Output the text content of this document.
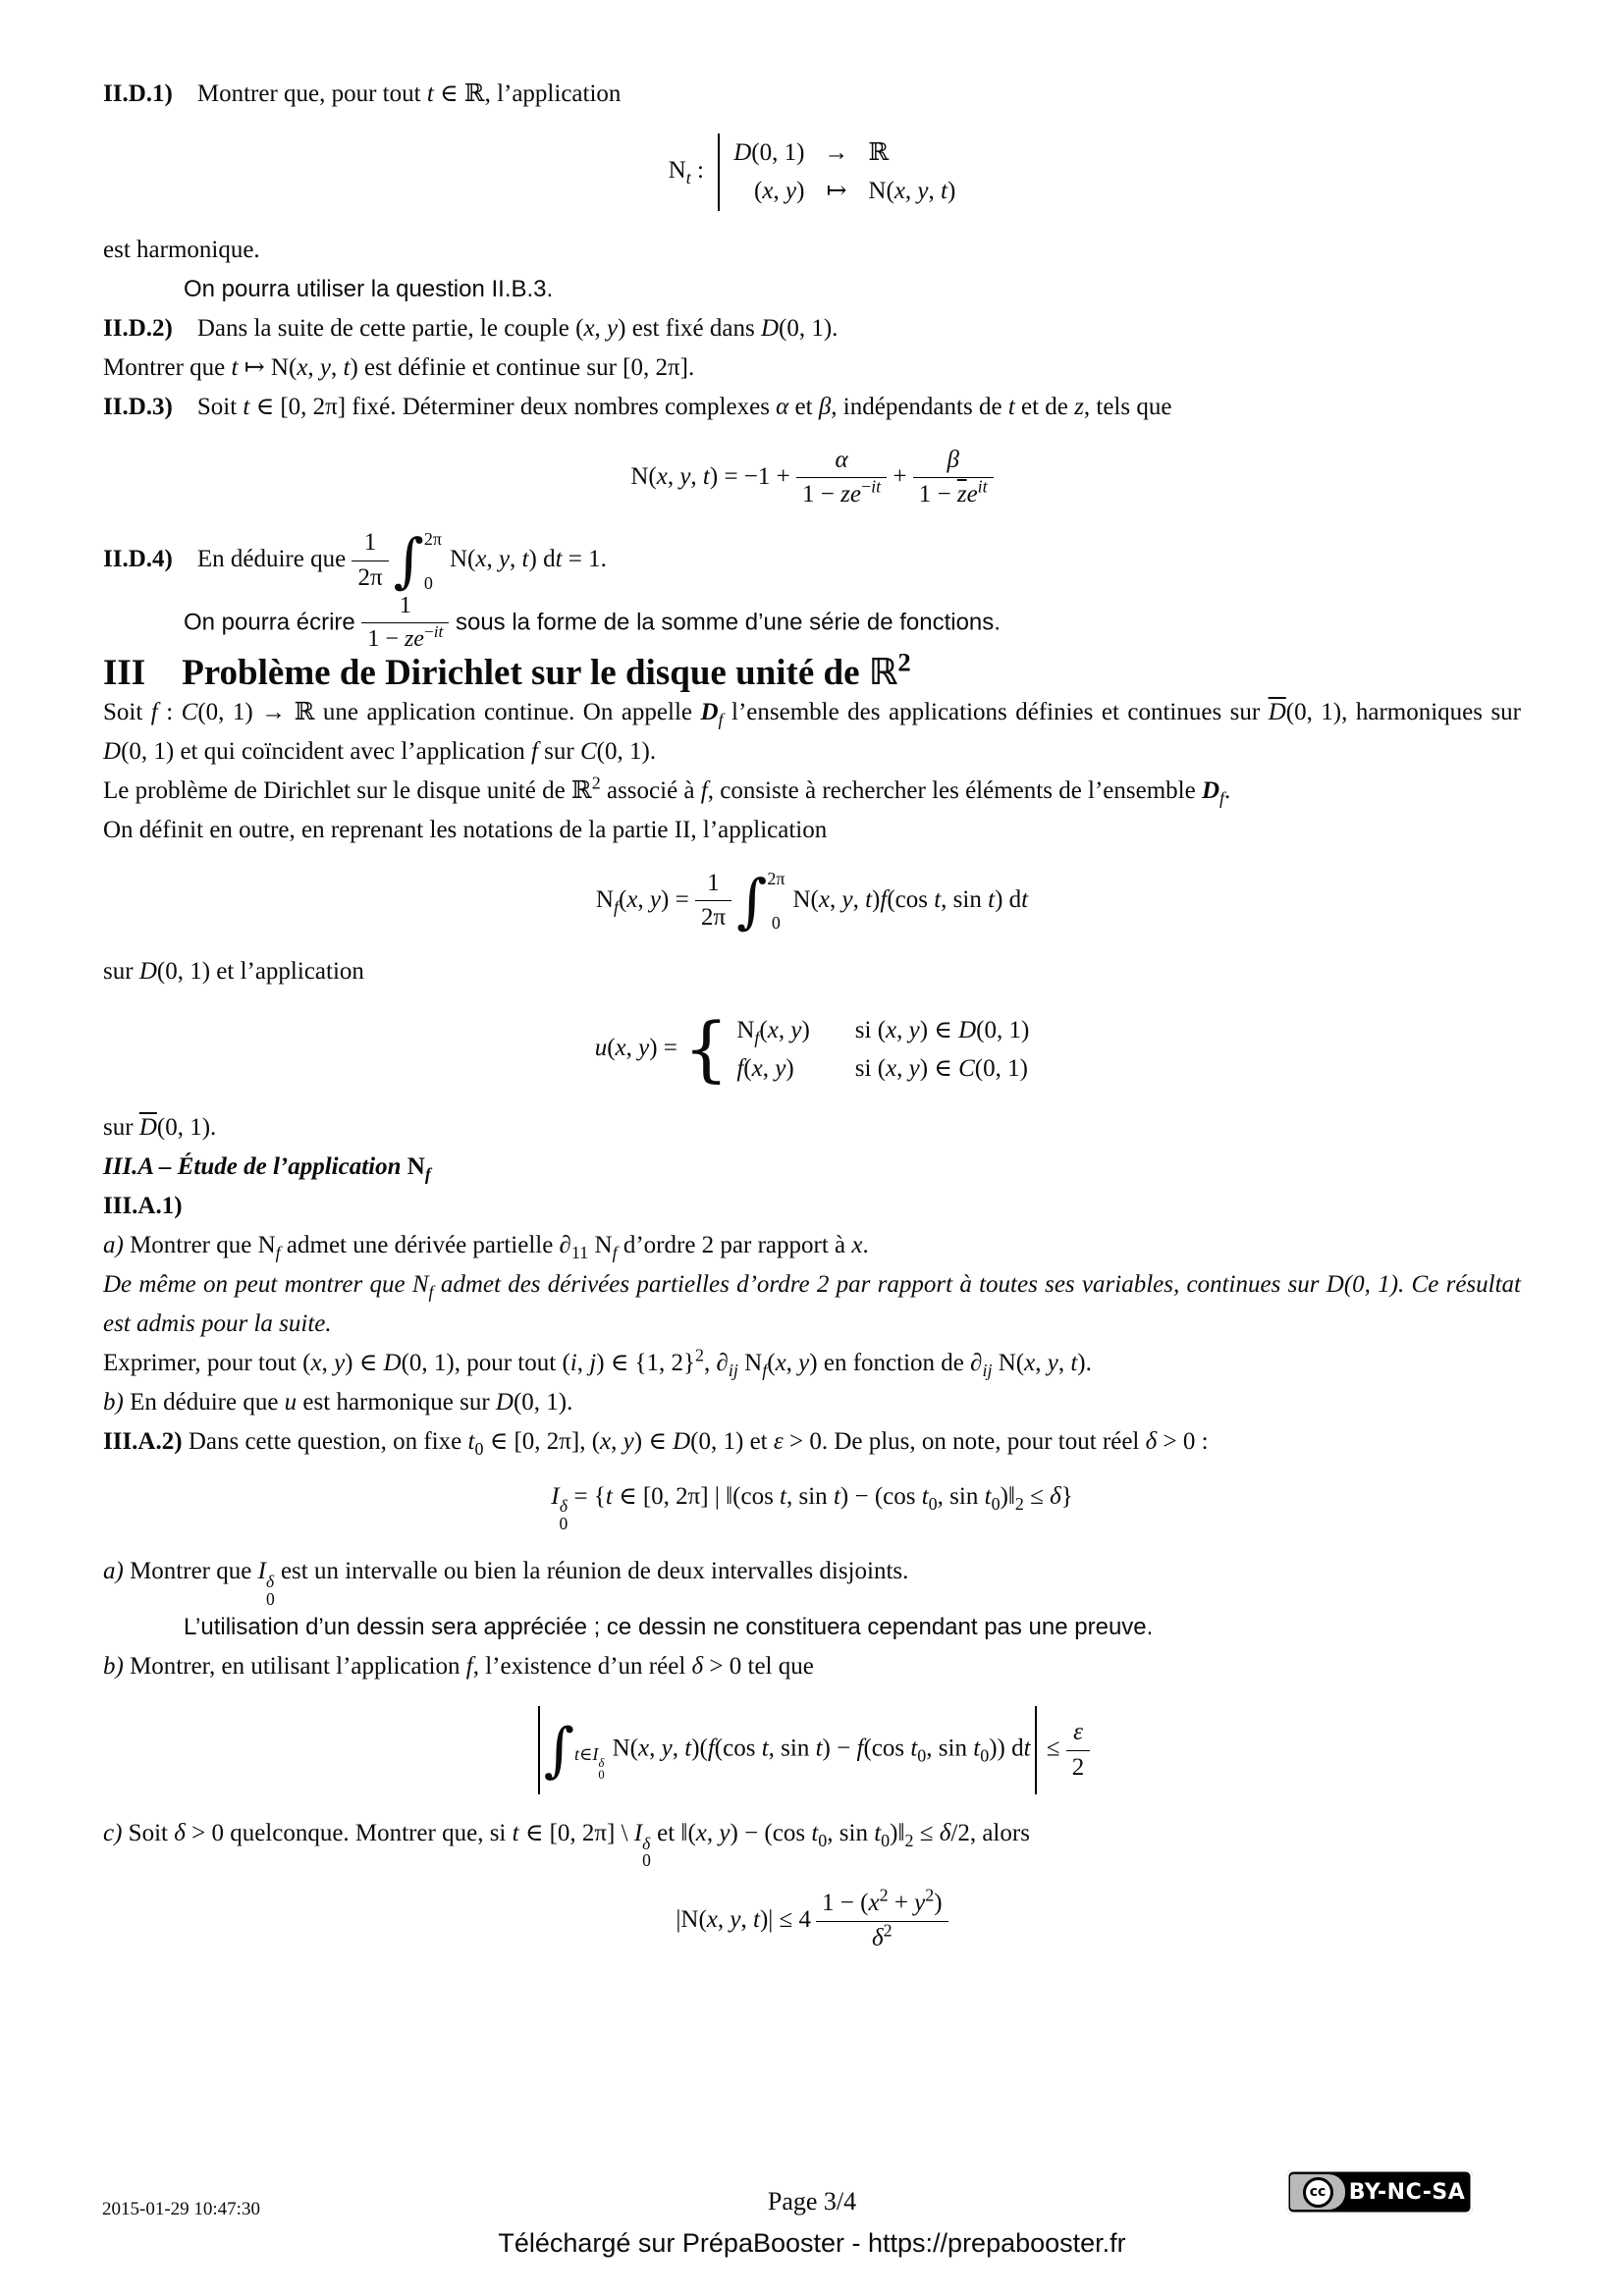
II.D.1) Montrer que, pour tout t ∈ ℝ, l’application

$N_t$ : D(0, 1)	→	ℝ
(x, y)	↦	N(x, y, t)

est harmonique.

On pourra utiliser la question II.B.3.

II.D.2) Dans la suite de cette partie, le couple (x, y) est fixé dans D(0, 1).

Montrer que t ↦ N(x, y, t) est définie et continue sur [0, 2π].

II.D.3) Soit t ∈ [0, 2π] fixé. Déterminer deux nombres complexes α et β, indépendants de t et de z, tels que

N(x, y, $t) = -1 + \frac{\alpha}{1 - ze^{-it}} + \frac{\beta}{1 - \overline{z}e^{it}}$

II.D.4) En déduire que $\frac{1}{2\pi}$
  ∫ 2π
0
N(x, y, t) dt = 1.

On pourra écrire $\frac{1}{1 - ze^{-it}}$ sous la forme de la somme d’une série de fonctions.

III Problème de Dirichlet sur le disque unité de ℝ$^2$

Soit f : C(0, 1) → ℝ une application continue. On appelle $D_f$ l’ensemble des applications définies et continues sur $\overline{D}(0$, 1), harmoniques sur D(0, 1) et qui coïncident avec l’application f sur C(0, 1).

Le problème de Dirichlet sur le disque unité de ℝ$^2$ associé à f, consiste à rechercher les éléments de l’ensemble $D_f$.

On définit en outre, en reprenant les notations de la partie II, l’application

$N_f(x$, $y) = \frac{1}{2\pi}$
  ∫ 2π
0
N(x, y, t)f(cos t, sin t) dt

sur D(0, 1) et l’application

u(x, y) = { $N_f(x$, y)	si (x, y) ∈ D(0, 1)
f(x, y)	si (x, y) ∈ C(0, 1)

sur $\overline{D}(0$, 1).

III.A – Étude de l’application $N_f$

III.A.1)

a) Montrer que $N_f$ admet une dérivée partielle $\partial_{11}$ $N_f$ d’ordre 2 par rapport à x.

De même on peut montrer que $N_f$ admet des dérivées partielles d’ordre 2 par rapport à toutes ses variables, continues sur D(0, 1). Ce résultat est admis pour la suite.

Exprimer, pour tout (x, y) ∈ D(0, 1), pour tout (i, j) ∈ {1, 2}$^2$, $\partial_{ij}$ $N_f(x$, y) en fonction de $\partial_{ij}$ N(x, y, t).

b) En déduire que u est harmonique sur D(0, 1).

III.A.2) Dans cette question, on fixe $t_0$ ∈ [0, 2π], (x, y) ∈ D(0, 1) et ε > 0. De plus, on note, pour tout réel δ > 0 :

I δ
0
= {t ∈ [0, 2π] | ‖(cos t, sin t) − (cos $t_0$, $\sin t_0)‖_2 \le \delta$}

a) Montrer que I δ
0
est un intervalle ou bien la réunion de deux intervalles disjoints.

L’utilisation d’un dessin sera appréciée ; ce dessin ne constituera cependant pas une preuve.

b) Montrer, en utilisant l’application f, l’existence d’un réel δ > 0 tel que

∫
t∈I δ
0
N(x, y, t)(f(cos t, sin t) − f(cos $t_0$, $\sin t_0$)) dt ≤ $\frac{\varepsilon}{2}$

c) Soit δ > 0 quelconque. Montrer que, si t ∈ [0, 2π] \ I δ
0
et ‖(x, y) − (cos $t_0$, $\sin t_0)‖_2 \le \delta/2$, alors

|N(x, y, $t)| \le 4 \frac{1 - (x^2 + y^2)}{\delta^2}$
2015-01-29 10:47:30	Page 3/4	cc	BY-NC-SA
Téléchargé sur PrépaBooster - https://prepabooster.fr
